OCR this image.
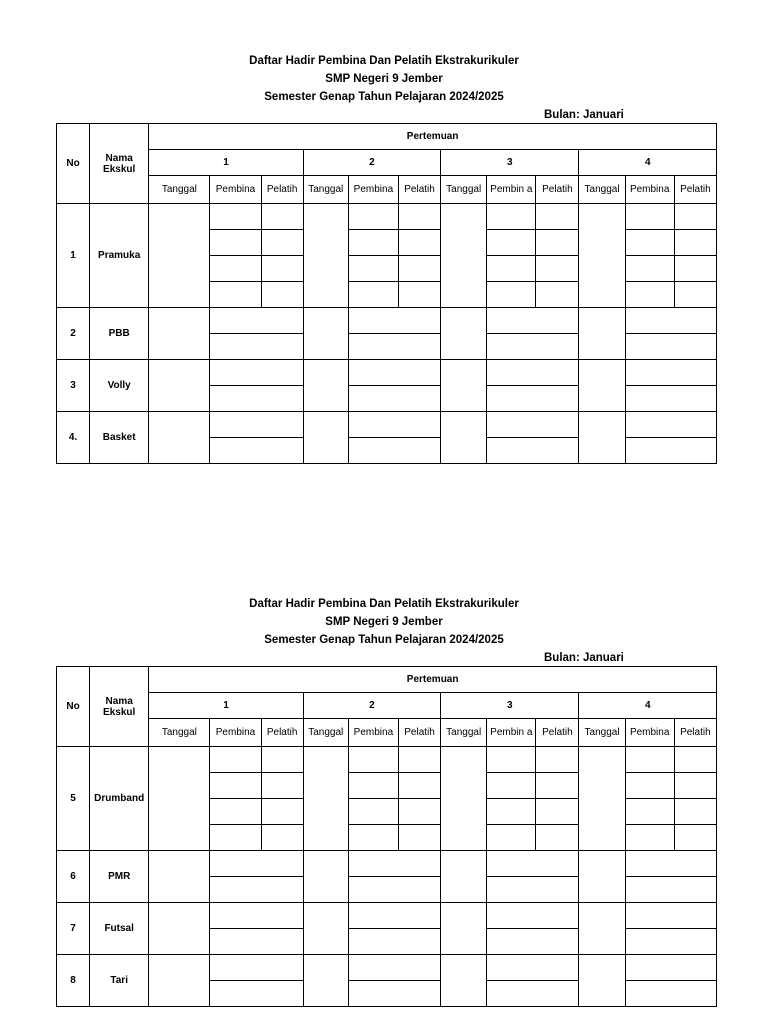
Daftar Hadir Pembina Dan Pelatih Ekstrakurikuler
SMP Negeri 9 Jember
Semester Genap Tahun Pelajaran 2024/2025
Bulan: Januari
No	Nama Ekskul	Pertemuan											
		1			2			3			4		
		Tanggal	Pembina	Pelatih	Tanggal	Pembina	Pelatih	Tanggal	Pembin a	Pelatih	Tanggal	Pembina	Pelatih
1	Pramuka												

2	PBB												

3	Volly												

4.	Basket												

Daftar Hadir Pembina Dan Pelatih Ekstrakurikuler
SMP Negeri 9 Jember
Semester Genap Tahun Pelajaran 2024/2025
Bulan: Januari
No	Nama Ekskul	Pertemuan											
		1			2			3			4		
		Tanggal	Pembina	Pelatih	Tanggal	Pembina	Pelatih	Tanggal	Pembin a	Pelatih	Tanggal	Pembina	Pelatih
5	Drumband												

6	PMR												

7	Futsal												

8	Tari												
